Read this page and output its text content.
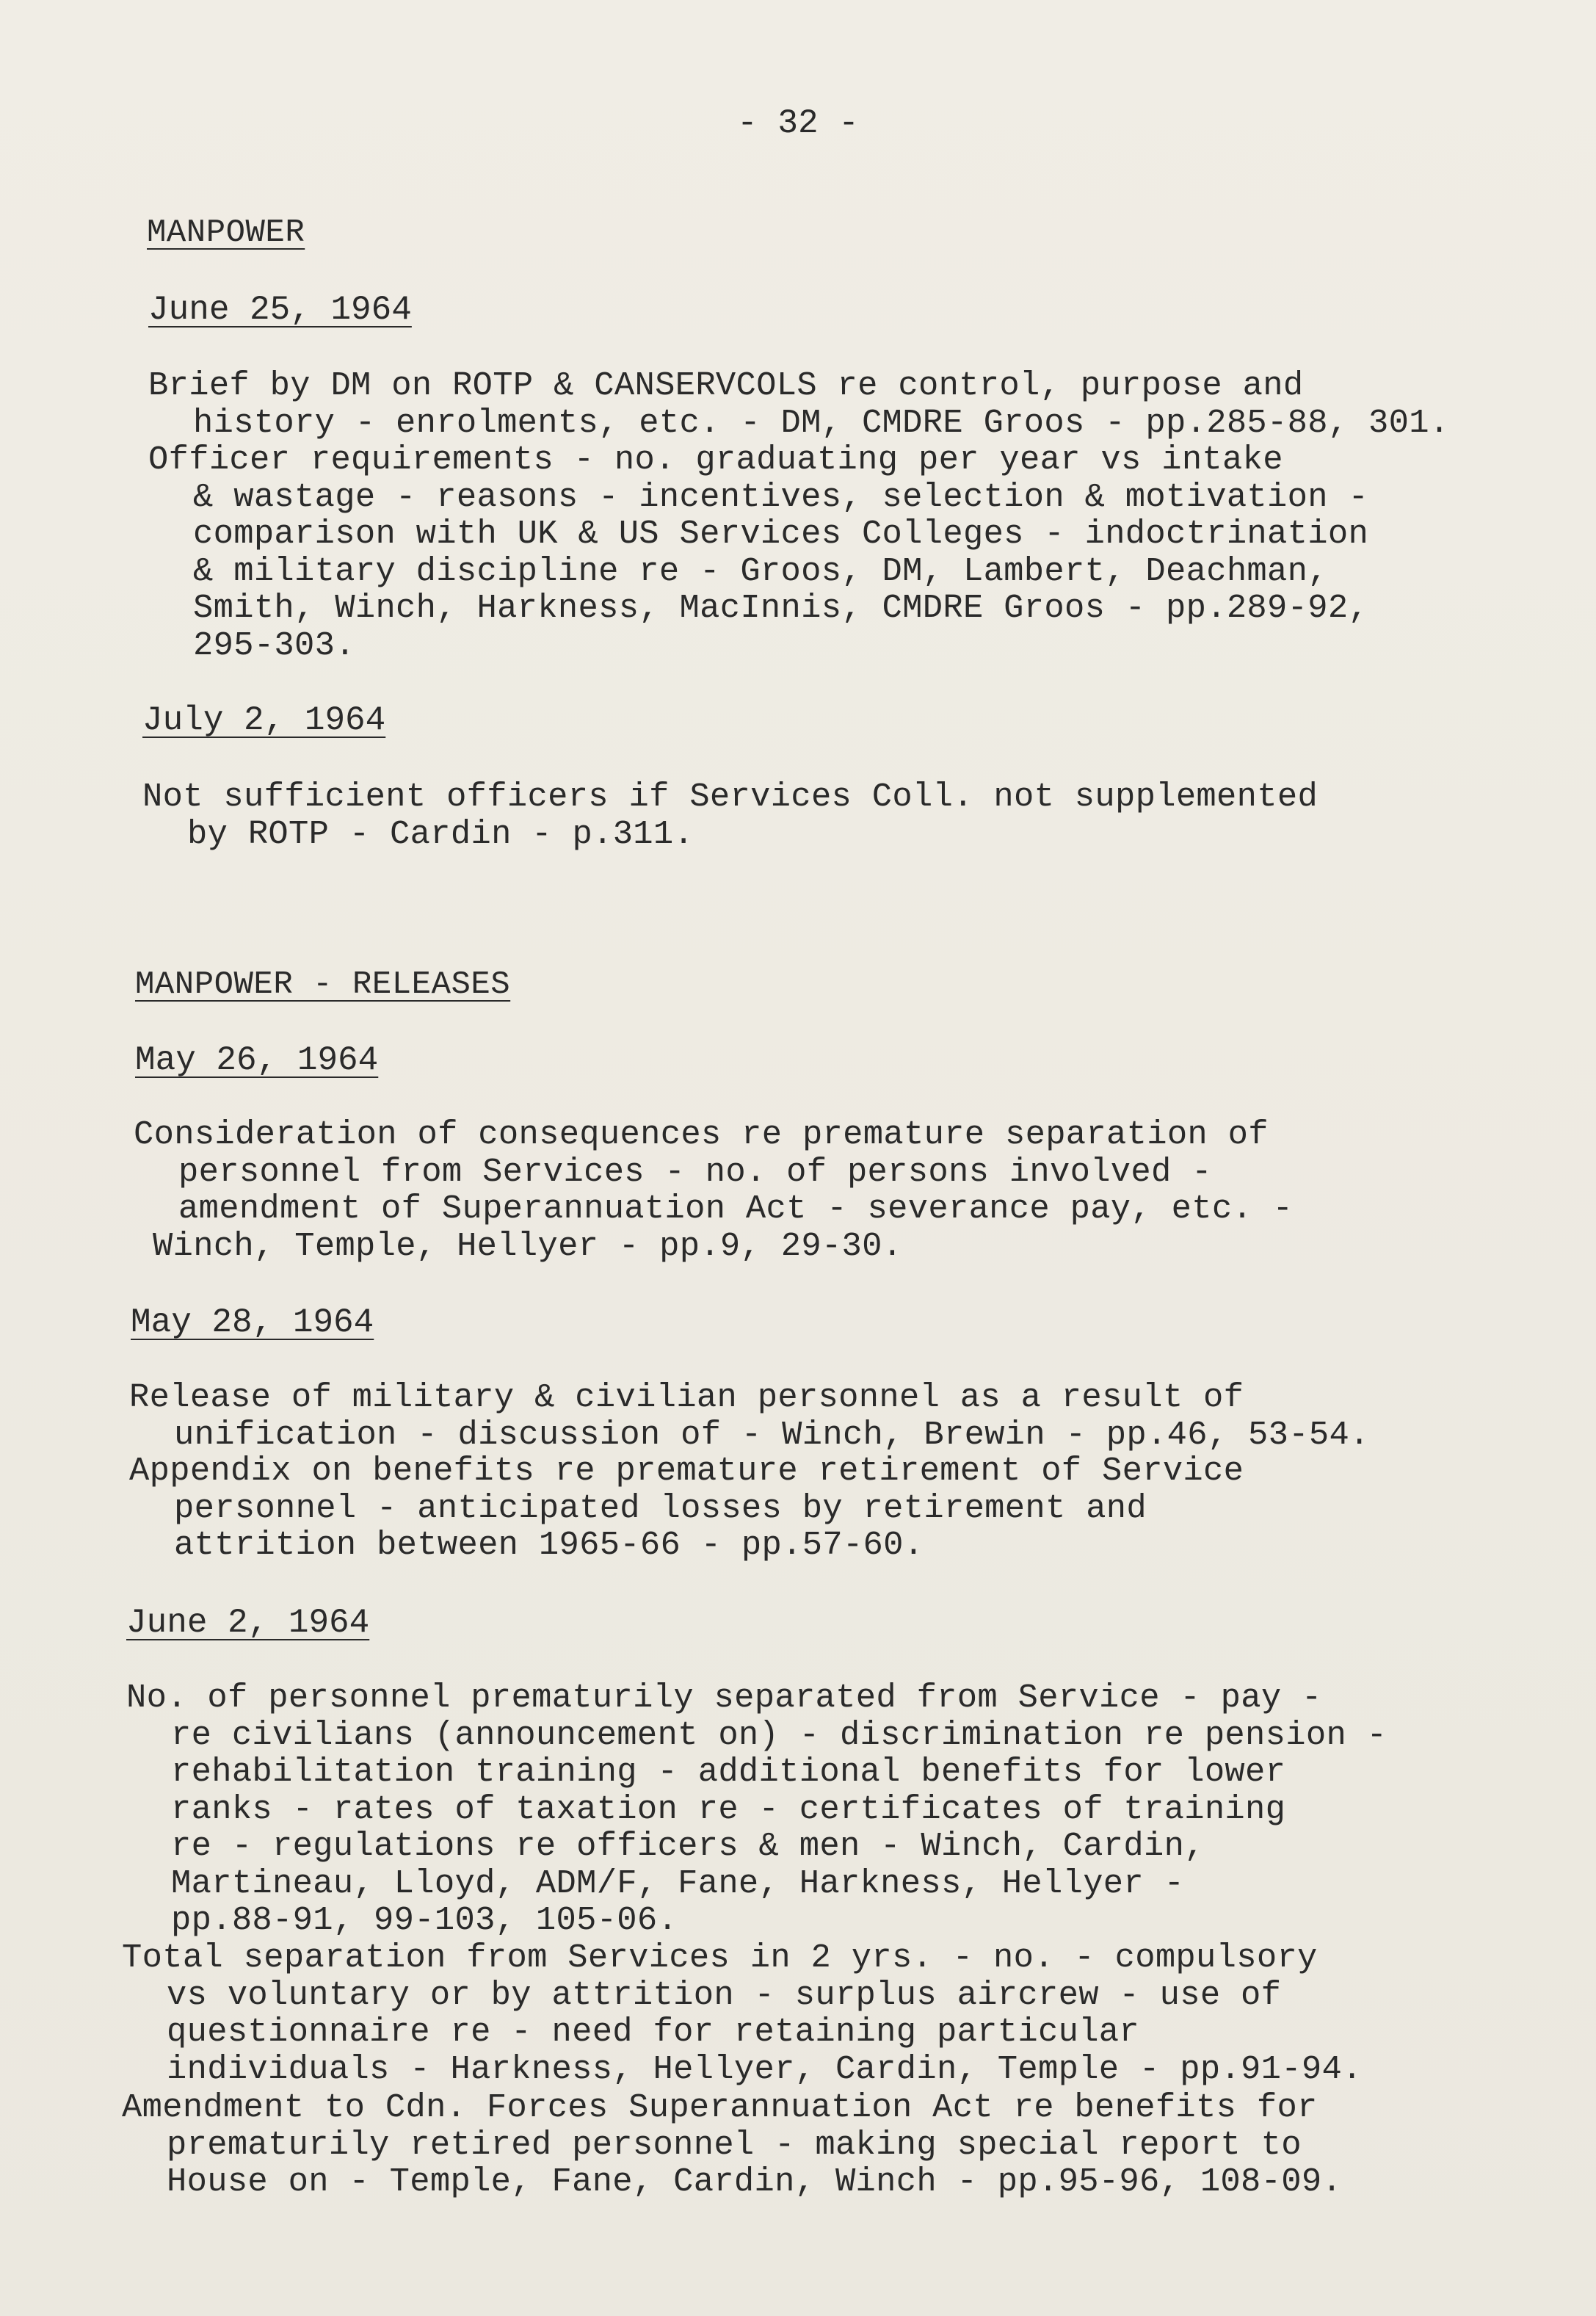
- 32 -
MANPOWER
June 25, 1964
Brief by DM on ROTP & CANSERVCOLS re control, purpose and
history - enrolments, etc. - DM, CMDRE Groos - pp.285-88, 301.
Officer requirements - no. graduating per year vs intake
& wastage - reasons - incentives, selection & motivation -
comparison with UK & US Services Colleges - indoctrination
& military discipline re - Groos, DM, Lambert, Deachman,
Smith, Winch, Harkness, MacInnis, CMDRE Groos - pp.289-92,
295-303.
July 2, 1964
Not sufficient officers if Services Coll. not supplemented
by ROTP - Cardin - p.311.
MANPOWER - RELEASES
May 26, 1964
Consideration of consequences re premature separation of
personnel from Services - no. of persons involved -
amendment of Superannuation Act - severance pay, etc. -
Winch, Temple, Hellyer - pp.9, 29-30.
May 28, 1964
Release of military & civilian personnel as a result of
unification - discussion of - Winch, Brewin - pp.46, 53-54.
Appendix on benefits re premature retirement of Service
personnel - anticipated losses by retirement and
attrition between 1965-66 - pp.57-60.
June 2, 1964
No. of personnel prematurily separated from Service - pay -
re civilians (announcement on) - discrimination re pension -
rehabilitation training - additional benefits for lower
ranks - rates of taxation re - certificates of training
re - regulations re officers & men - Winch, Cardin,
Martineau, Lloyd, ADM/F, Fane, Harkness, Hellyer -
pp.88-91, 99-103, 105-06.
Total separation from Services in 2 yrs. - no. - compulsory
vs voluntary or by attrition - surplus aircrew - use of
questionnaire re - need for retaining particular
individuals - Harkness, Hellyer, Cardin, Temple - pp.91-94.
Amendment to Cdn. Forces Superannuation Act re benefits for
prematurily retired personnel - making special report to
House on - Temple, Fane, Cardin, Winch - pp.95-96, 108-09.
